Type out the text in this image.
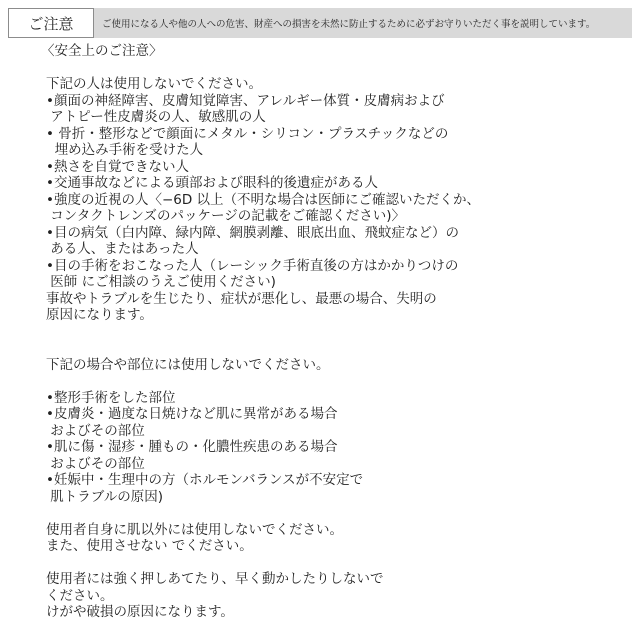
ご注意	ご使用になる人や他の人への危害、財産への損害を未然に防止するために必ずお守りいただく事を説明しています。
〈安全上のご注意〉
下記の人は使用しないでください。
•顔面の神経障害、皮膚知覚障害、アレルギー体質・皮膚病および
アトピー性皮膚炎の人、敏感肌の人
• 骨折・整形などで顔面にメタル・シリコン・プラスチックなどの
埋め込み手術を受けた人
•熱さを自覚できない人
•交通事故などによる頭部および眼科的後遺症がある人
•強度の近視の人〈−6D 以上（不明な場合は医師にご確認いただくか、
コンタクトレンズのパッケージの記載をご確認ください)〉
•目の病気（白内障、緑内障、網膜剥離、眼底出血、飛蚊症など）の
ある人、またはあった人
•目の手術をおこなった人（レーシック手術直後の方はかかりつけの
医師 にご相談のうえご使用ください)
事故やトラブルを生じたり、症状が悪化し、最悪の場合、失明の
原因になります。
下記の場合や部位には使用しないでください。
•整形手術をした部位
•皮膚炎・過度な日焼けなど肌に異常がある場合
およびその部位
•肌に傷・湿疹・腫もの・化膿性疾患のある場合
およびその部位
•妊娠中・生理中の方（ホルモンバランスが不安定で
肌トラブルの原因)
使用者自身に肌以外には使用しないでください。
また、使用させない でください。
使用者には強く押しあてたり、早く動かしたりしないで
ください。
けがや破損の原因になります。
